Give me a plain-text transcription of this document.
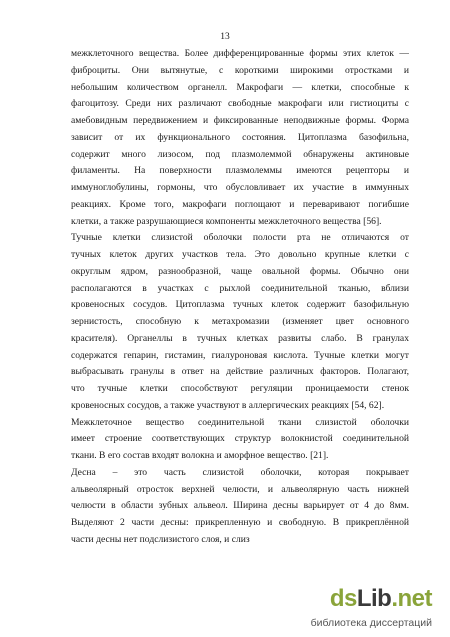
13
межклеточного вещества. Более дифференцированные формы этих клеток —
фиброциты. Они вытянутые, с короткими широкими отростками и
небольшим количеством органелл. Макрофаги — клетки, способные к
фагоцитозу. Среди них различают свободные макрофаги или гистиоциты с
амебовидным передвижением и фиксированные неподвижные формы. Форма
зависит от их функционального состояния. Цитоплазма базофильна,
содержит много лизосом, под плазмолеммой обнаружены актиновые
филаменты. На поверхности плазмолеммы имеются рецепторы и
иммуноглобулины, гормоны, что обусловливает их участие в иммунных
реакциях. Кроме того, макрофаги поглощают и переваривают погибшие
клетки, а также разрушающиеся компоненты межклеточного вещества [56].
Тучные клетки слизистой оболочки полости рта не отличаются от
тучных клеток других участков тела. Это довольно крупные клетки с
округлым ядром, разнообразной, чаще овальной формы. Обычно они
располагаются в участках с рыхлой соединительной тканью, вблизи
кровеносных сосудов. Цитоплазма тучных клеток содержит базофильную
зернистость, способную к метахромазии (изменяет цвет основного
красителя). Органеллы в тучных клетках развиты слабо. В гранулах
содержатся гепарин, гистамин, гиалуроновая кислота. Тучные клетки могут
выбрасывать гранулы в ответ на действие различных факторов. Полагают,
что тучные клетки способствуют регуляции проницаемости стенок
кровеносных сосудов, а также участвуют в аллергических реакциях [54, 62].
Межклеточное вещество соединительной ткани слизистой оболочки
имеет строение соответствующих структур волокнистой соединительной
ткани. В его состав входят волокна и аморфное вещество. [21].
Десна – это часть слизистой оболочки, которая покрывает
альвеолярный отросток верхней челюсти, и альвеолярную часть нижней
челюсти в области зубных альвеол. Ширина десны варьирует от 4 до 8мм.
Выделяют 2 части десны: прикрепленную и свободную. В прикреплённой
части десны нет подслизистого слоя, и слиз
dsLib.net
библиотека диссертаций
